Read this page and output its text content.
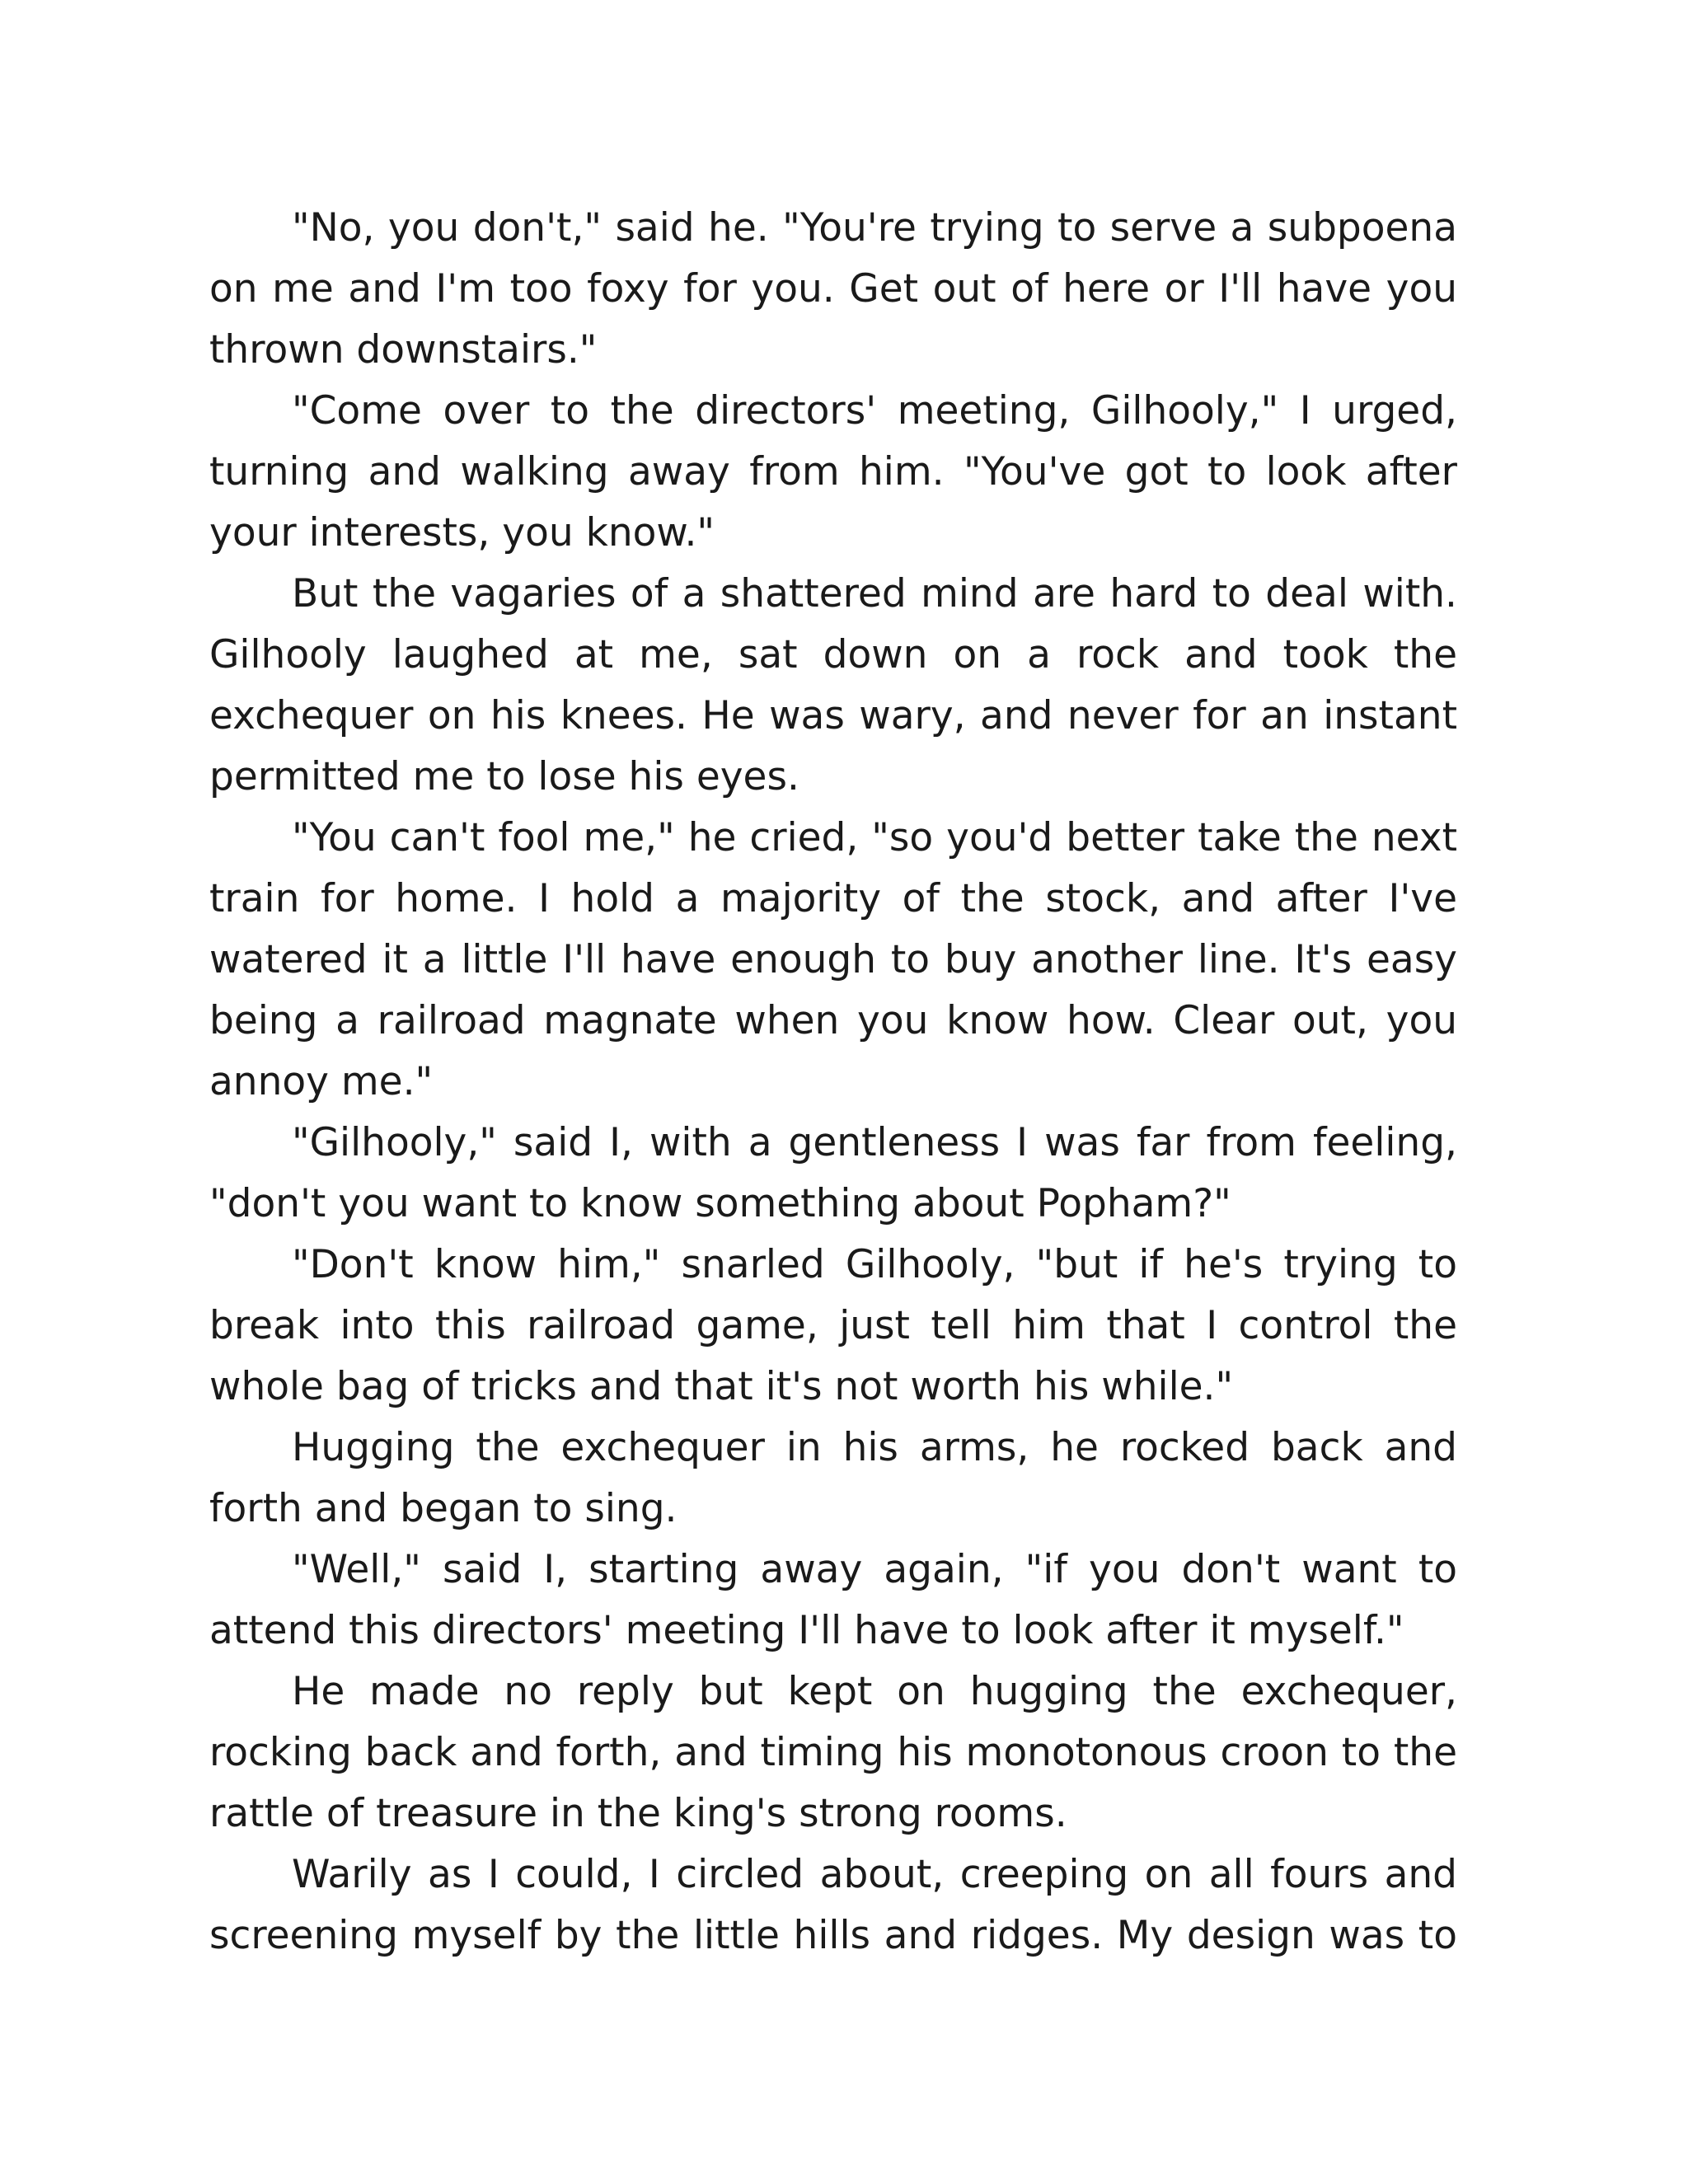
"No, you don't," said he. "You're trying to serve a subpoena on me and I'm too foxy for you. Get out of here or I'll have you thrown downstairs."

"Come over to the directors' meeting, Gilhooly," I urged, turning and walking away from him. "You've got to look after your interests, you know."

But the vagaries of a shattered mind are hard to deal with. Gilhooly laughed at me, sat down on a rock and took the exchequer on his knees. He was wary, and never for an instant permitted me to lose his eyes.

"You can't fool me," he cried, "so you'd better take the next train for home. I hold a majority of the stock, and after I've watered it a little I'll have enough to buy another line. It's easy being a railroad magnate when you know how. Clear out, you annoy me."

"Gilhooly," said I, with a gentleness I was far from feeling, "don't you want to know something about Popham?"

"Don't know him," snarled Gilhooly, "but if he's trying to break into this railroad game, just tell him that I control the whole bag of tricks and that it's not worth his while."

Hugging the exchequer in his arms, he rocked back and forth and began to sing.

"Well," said I, starting away again, "if you don't want to attend this directors' meeting I'll have to look after it myself."

He made no reply but kept on hugging the exchequer, rocking back and forth, and timing his monotonous croon to the rattle of treasure in the king's strong rooms.

Warily as I could, I circled about, creeping on all fours and screening myself by the little hills and ridges. My design was to
